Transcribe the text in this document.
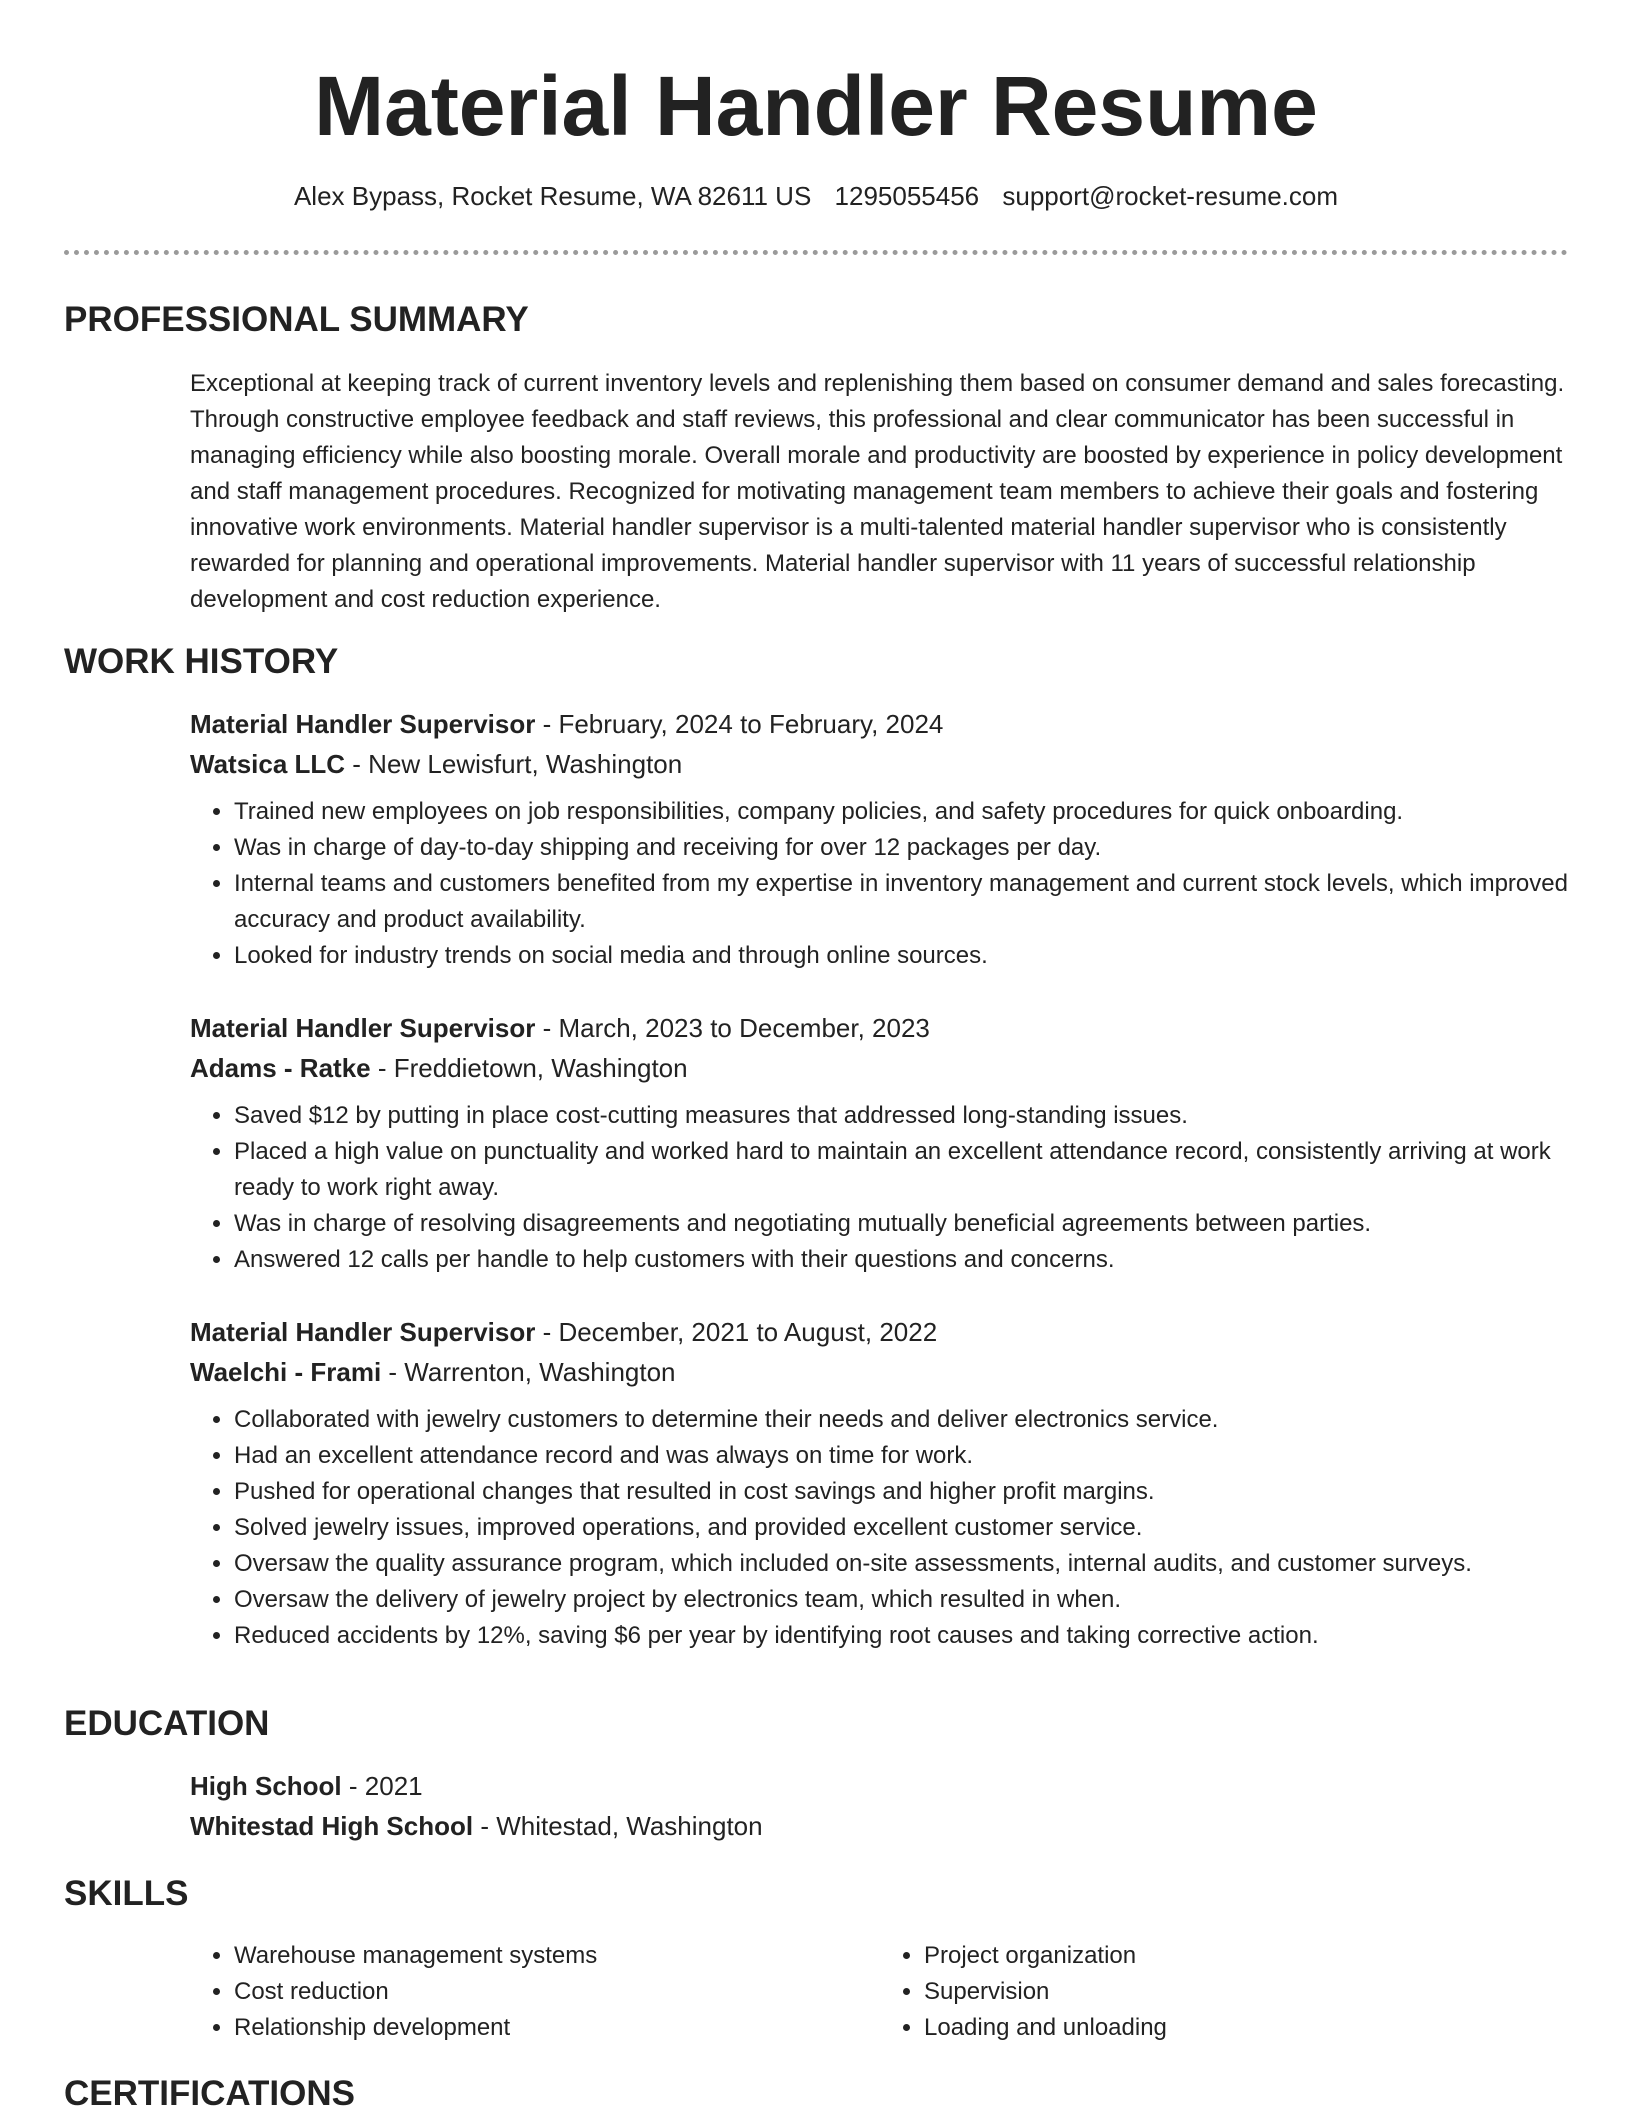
Material Handler Resume
Alex Bypass, Rocket Resume, WA 82611 US 1295055456 support@rocket-resume.com
PROFESSIONAL SUMMARY

Exceptional at keeping track of current inventory levels and replenishing them based on consumer demand and sales forecasting. Through constructive employee feedback and staff reviews, this professional and clear communicator has been successful in managing efficiency while also boosting morale. Overall morale and productivity are boosted by experience in policy development and staff management procedures. Recognized for motivating management team members to achieve their goals and fostering innovative work environments. Material handler supervisor is a multi-talented material handler supervisor who is consistently rewarded for planning and operational improvements. Material handler supervisor with 11 years of successful relationship development and cost reduction experience.

WORK HISTORY

Material Handler Supervisor - February, 2024 to February, 2024

Watsica LLC - New Lewisfurt, Washington

• Trained new employees on job responsibilities, company policies, and safety procedures for quick onboarding.
• Was in charge of day-to-day shipping and receiving for over 12 packages per day.
• Internal teams and customers benefited from my expertise in inventory management and current stock levels, which improved accuracy and product availability.
• Looked for industry trends on social media and through online sources.

Material Handler Supervisor - March, 2023 to December, 2023

Adams - Ratke - Freddietown, Washington

• Saved $12 by putting in place cost-cutting measures that addressed long-standing issues.
• Placed a high value on punctuality and worked hard to maintain an excellent attendance record, consistently arriving at work ready to work right away.
• Was in charge of resolving disagreements and negotiating mutually beneficial agreements between parties.
• Answered 12 calls per handle to help customers with their questions and concerns.

Material Handler Supervisor - December, 2021 to August, 2022

Waelchi - Frami - Warrenton, Washington

• Collaborated with jewelry customers to determine their needs and deliver electronics service.
• Had an excellent attendance record and was always on time for work.
• Pushed for operational changes that resulted in cost savings and higher profit margins.
• Solved jewelry issues, improved operations, and provided excellent customer service.
• Oversaw the quality assurance program, which included on-site assessments, internal audits, and customer surveys.
• Oversaw the delivery of jewelry project by electronics team, which resulted in when.
• Reduced accidents by 12%, saving $6 per year by identifying root causes and taking corrective action.
EDUCATION

High School - 2021

Whitestad High School - Whitestad, Washington

SKILLS
• Warehouse management systems
• Cost reduction
• Relationship development
• Project organization
• Supervision
• Loading and unloading
CERTIFICATIONS
